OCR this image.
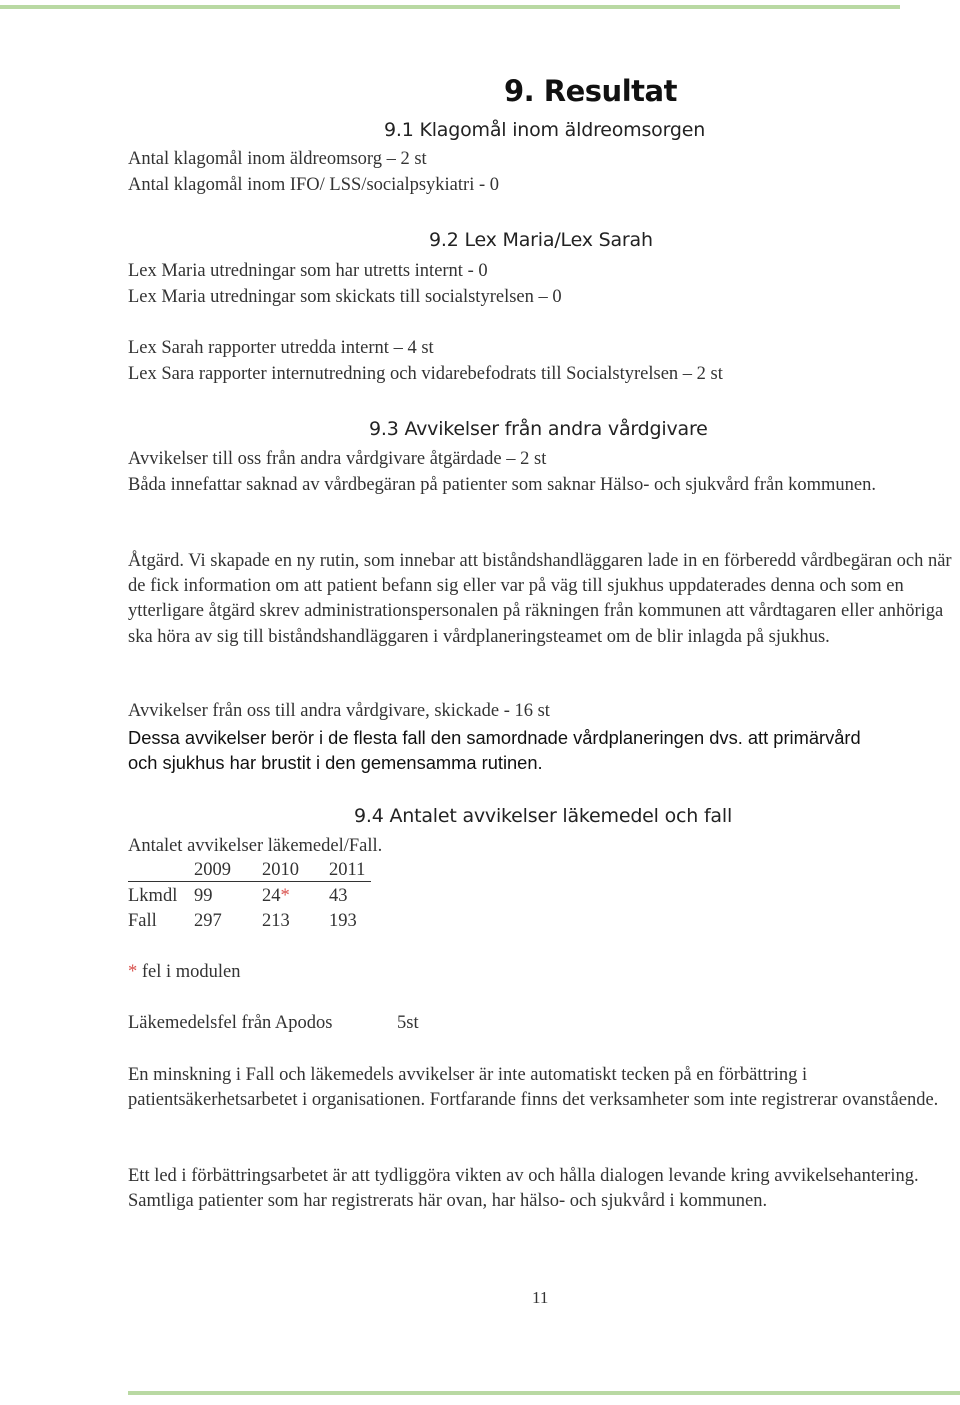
9. Resultat
9.1 Klagomål inom äldreomsorgen
Antal klagomål inom äldreomsorg – 2 st
Antal klagomål inom IFO/ LSS/socialpsykiatri - 0
9.2 Lex Maria/Lex Sarah
Lex Maria utredningar som har utretts internt - 0
Lex Maria utredningar som skickats till socialstyrelsen – 0
Lex Sarah rapporter utredda internt – 4 st
Lex Sara rapporter internutredning och vidarebefodrats till Socialstyrelsen – 2 st
9.3 Avvikelser från andra vårdgivare
Avvikelser till oss från andra vårdgivare åtgärdade – 2 st
Båda innefattar saknad av vårdbegäran på patienter som saknar Hälso- och sjukvård från kommunen.
Åtgärd. Vi skapade en ny rutin, som innebar att biståndshandläggaren lade in en förberedd vårdbegäran och när de fick information om att patient befann sig eller var på väg till sjukhus uppdaterades denna och som en ytterligare åtgärd skrev administrationspersonalen på räkningen från kommunen att vårdtagaren eller anhöriga ska höra av sig till biståndshandläggaren i vårdplaneringsteamet om de blir inlagda på sjukhus.
Avvikelser från oss till andra vårdgivare, skickade - 16 st
Dessa avvikelser berör i de flesta fall den samordnade vårdplaneringen dvs. att primärvård
och sjukhus har brustit i den gemensamma rutinen.
9.4 Antalet avvikelser läkemedel och fall
Antalet avvikelser läkemedel/Fall.
2009 2010 2011
Lkmdl 99	24* 43
Fall 297 213 193
* fel i modulen
Läkemedelsfel från Apodos	5st
En minskning i Fall och läkemedels avvikelser är inte automatiskt tecken på en förbättring i patientsäkerhetsarbetet i organisationen. Fortfarande finns det verksamheter som inte registrerar ovanstående.
Ett led i förbättringsarbetet är att tydliggöra vikten av och hålla dialogen levande kring avvikelsehantering. Samtliga patienter som har registrerats här ovan, har hälso- och sjukvård i kommunen.
11
